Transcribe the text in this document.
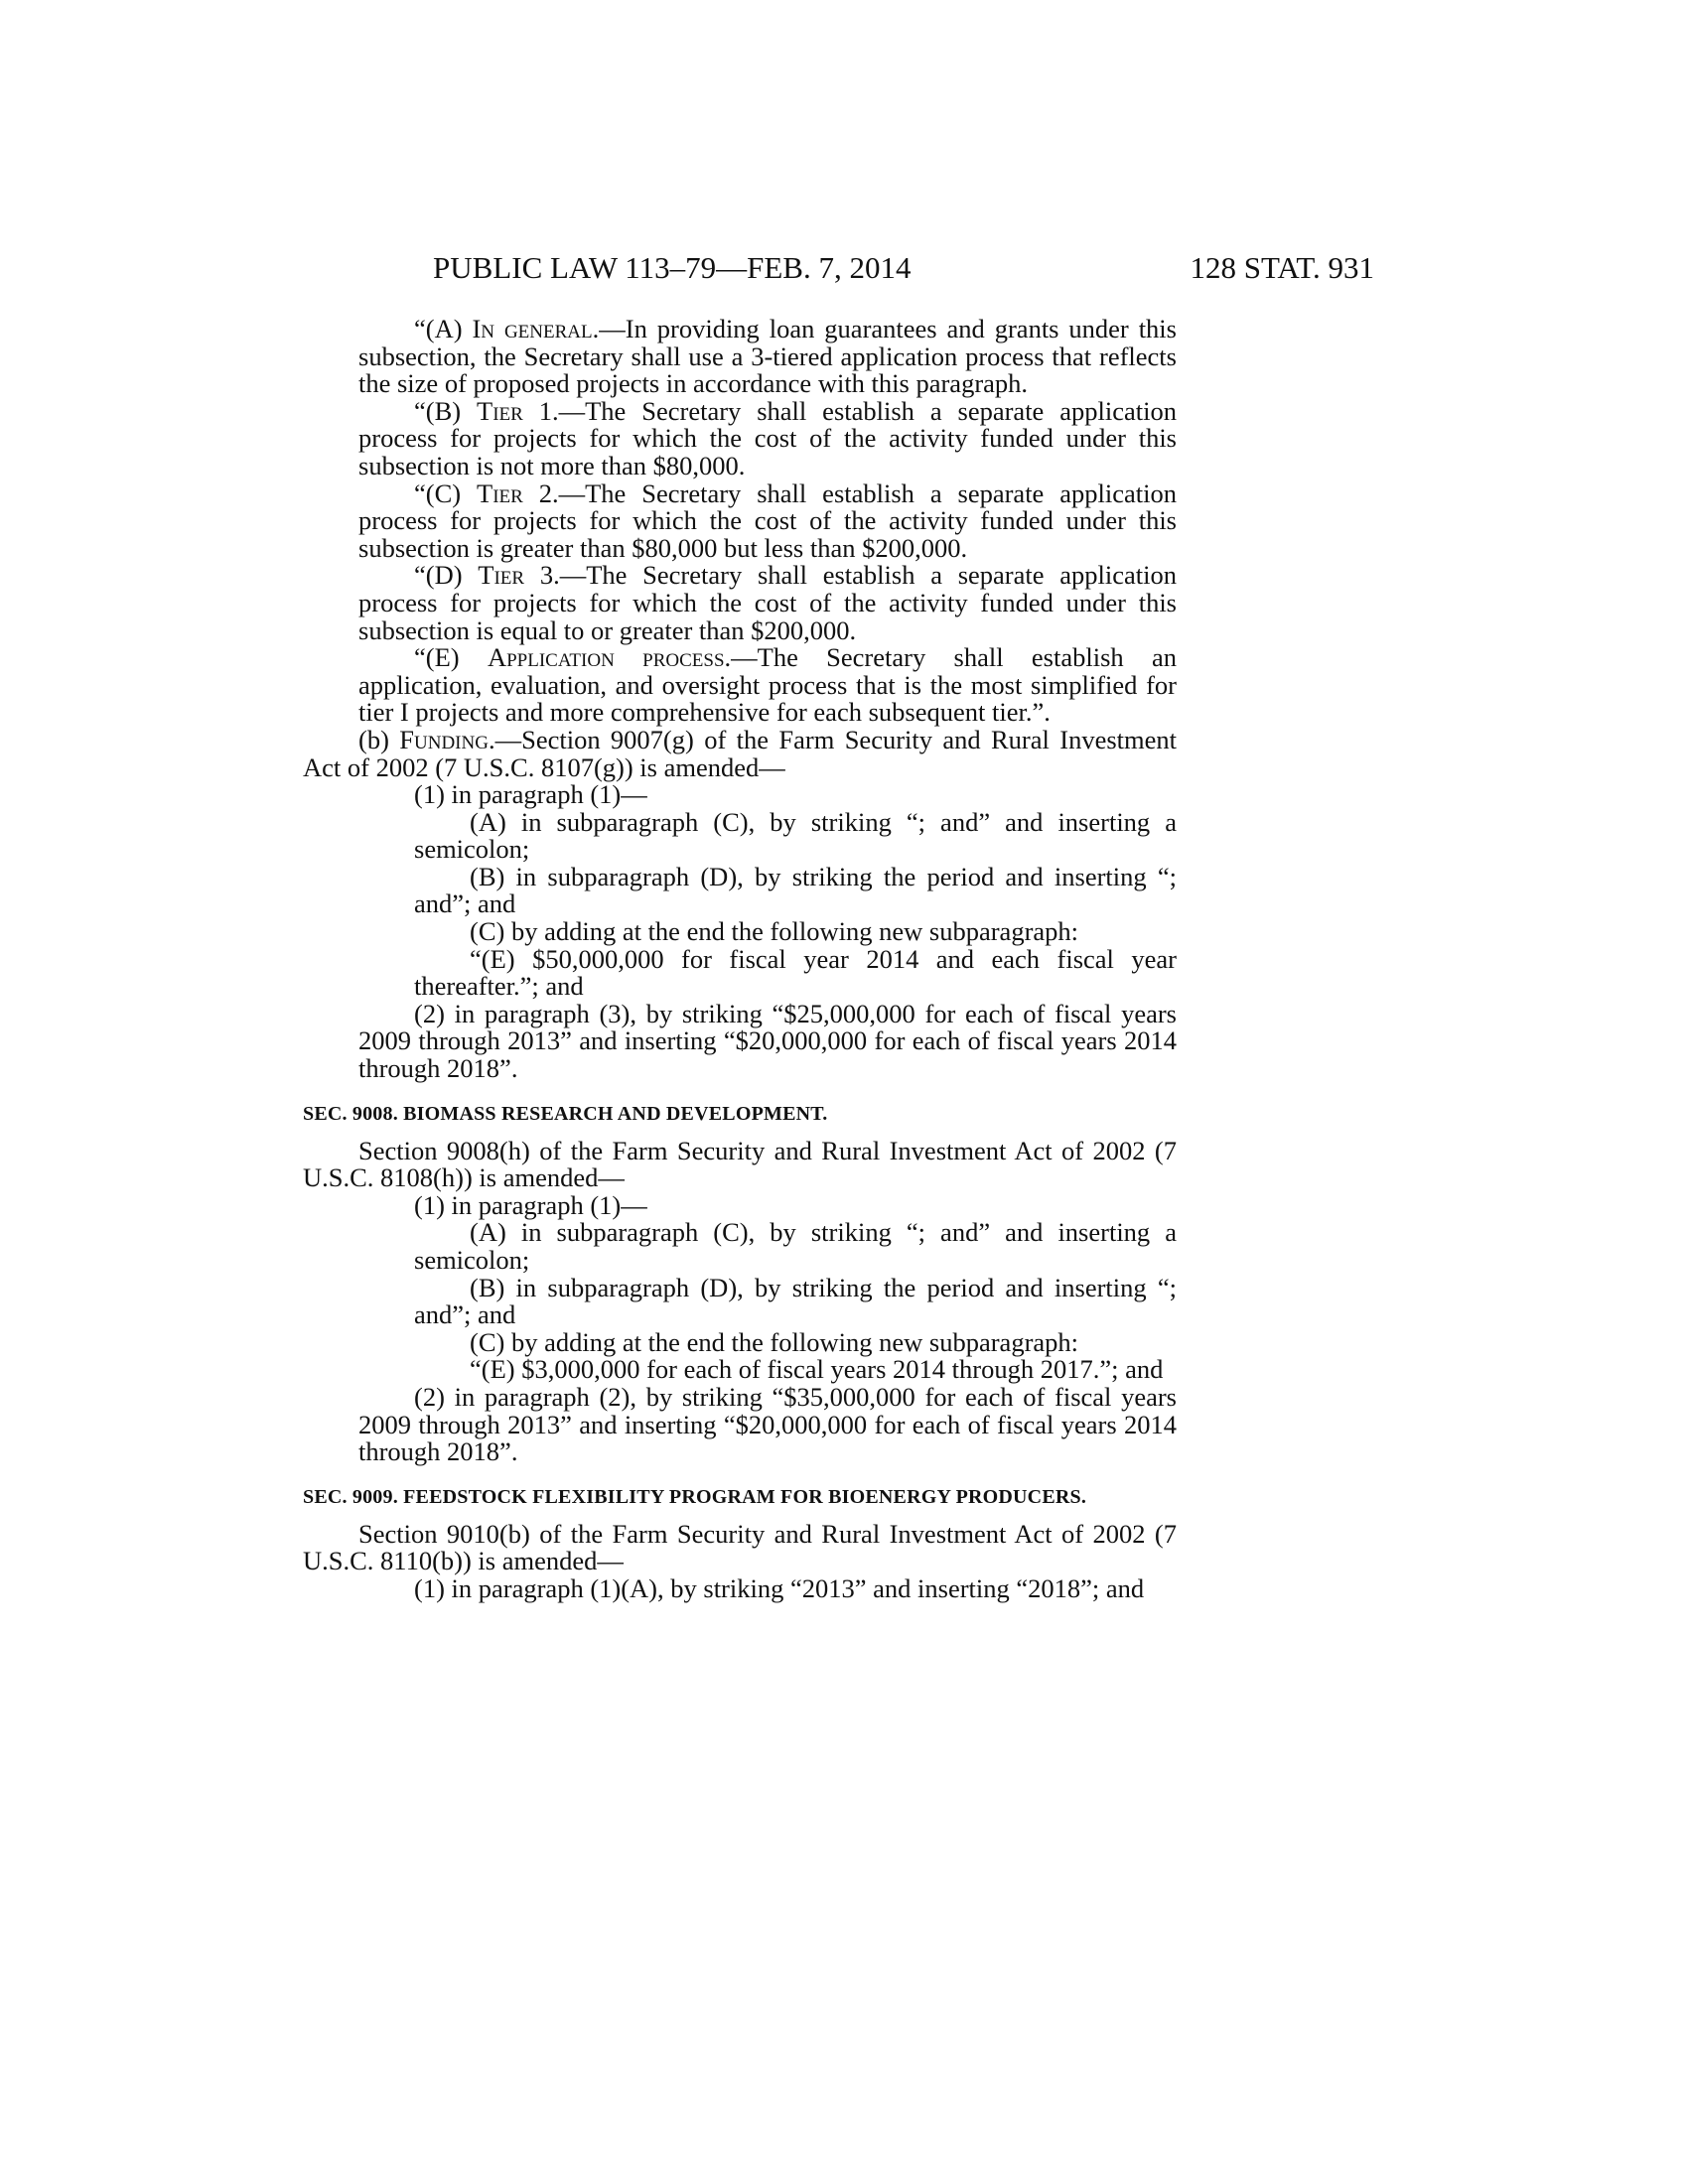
PUBLIC LAW 113–79—FEB. 7, 2014	128 STAT. 931

“(A) In general.—In providing loan guarantees and grants under this subsection, the Secretary shall use a 3-tiered application process that reflects the size of proposed projects in accordance with this paragraph.

“(B) Tier 1.—The Secretary shall establish a separate application process for projects for which the cost of the activity funded under this subsection is not more than $80,000.

“(C) Tier 2.—The Secretary shall establish a separate application process for projects for which the cost of the activity funded under this subsection is greater than $80,000 but less than $200,000.

“(D) Tier 3.—The Secretary shall establish a separate application process for projects for which the cost of the activity funded under this subsection is equal to or greater than $200,000.

“(E) Application process.—The Secretary shall establish an application, evaluation, and oversight process that is the most simplified for tier I projects and more comprehensive for each subsequent tier.”.

(b) Funding.—Section 9007(g) of the Farm Security and Rural Investment Act of 2002 (7 U.S.C. 8107(g)) is amended—

(1) in paragraph (1)—

(A) in subparagraph (C), by striking “; and” and inserting a semicolon;

(B) in subparagraph (D), by striking the period and inserting “; and”; and

(C) by adding at the end the following new subparagraph:

“(E) $50,000,000 for fiscal year 2014 and each fiscal year thereafter.”; and

(2) in paragraph (3), by striking “$25,000,000 for each of fiscal years 2009 through 2013” and inserting “$20,000,000 for each of fiscal years 2014 through 2018”.

SEC. 9008. BIOMASS RESEARCH AND DEVELOPMENT.

Section 9008(h) of the Farm Security and Rural Investment Act of 2002 (7 U.S.C. 8108(h)) is amended—

(1) in paragraph (1)—

(A) in subparagraph (C), by striking “; and” and inserting a semicolon;

(B) in subparagraph (D), by striking the period and inserting “; and”; and

(C) by adding at the end the following new subparagraph:

“(E) $3,000,000 for each of fiscal years 2014 through 2017.”; and

(2) in paragraph (2), by striking “$35,000,000 for each of fiscal years 2009 through 2013” and inserting “$20,000,000 for each of fiscal years 2014 through 2018”.

SEC. 9009. FEEDSTOCK FLEXIBILITY PROGRAM FOR BIOENERGY PRODUCERS.

Section 9010(b) of the Farm Security and Rural Investment Act of 2002 (7 U.S.C. 8110(b)) is amended—

(1) in paragraph (1)(A), by striking “2013” and inserting “2018”; and
